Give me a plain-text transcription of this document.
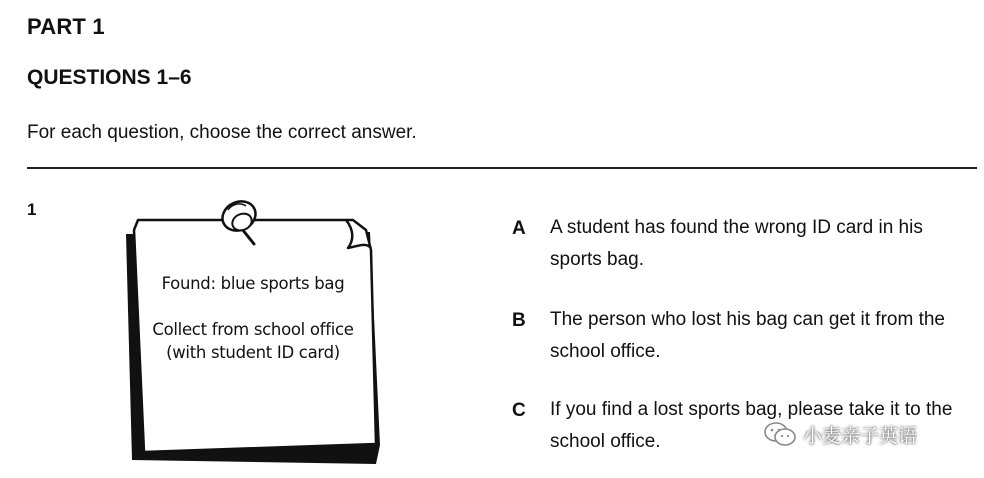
PART 1
QUESTIONS 1–6
For each question, choose the correct answer.
1
Found: blue sports bag
Collect from school office
(with student ID card)
A A student has found the wrong ID card in his sports bag.
B The person who lost his bag can get it from the school office.
C If you find a lost sports bag, please take it to the school office.	小麦亲子英语
